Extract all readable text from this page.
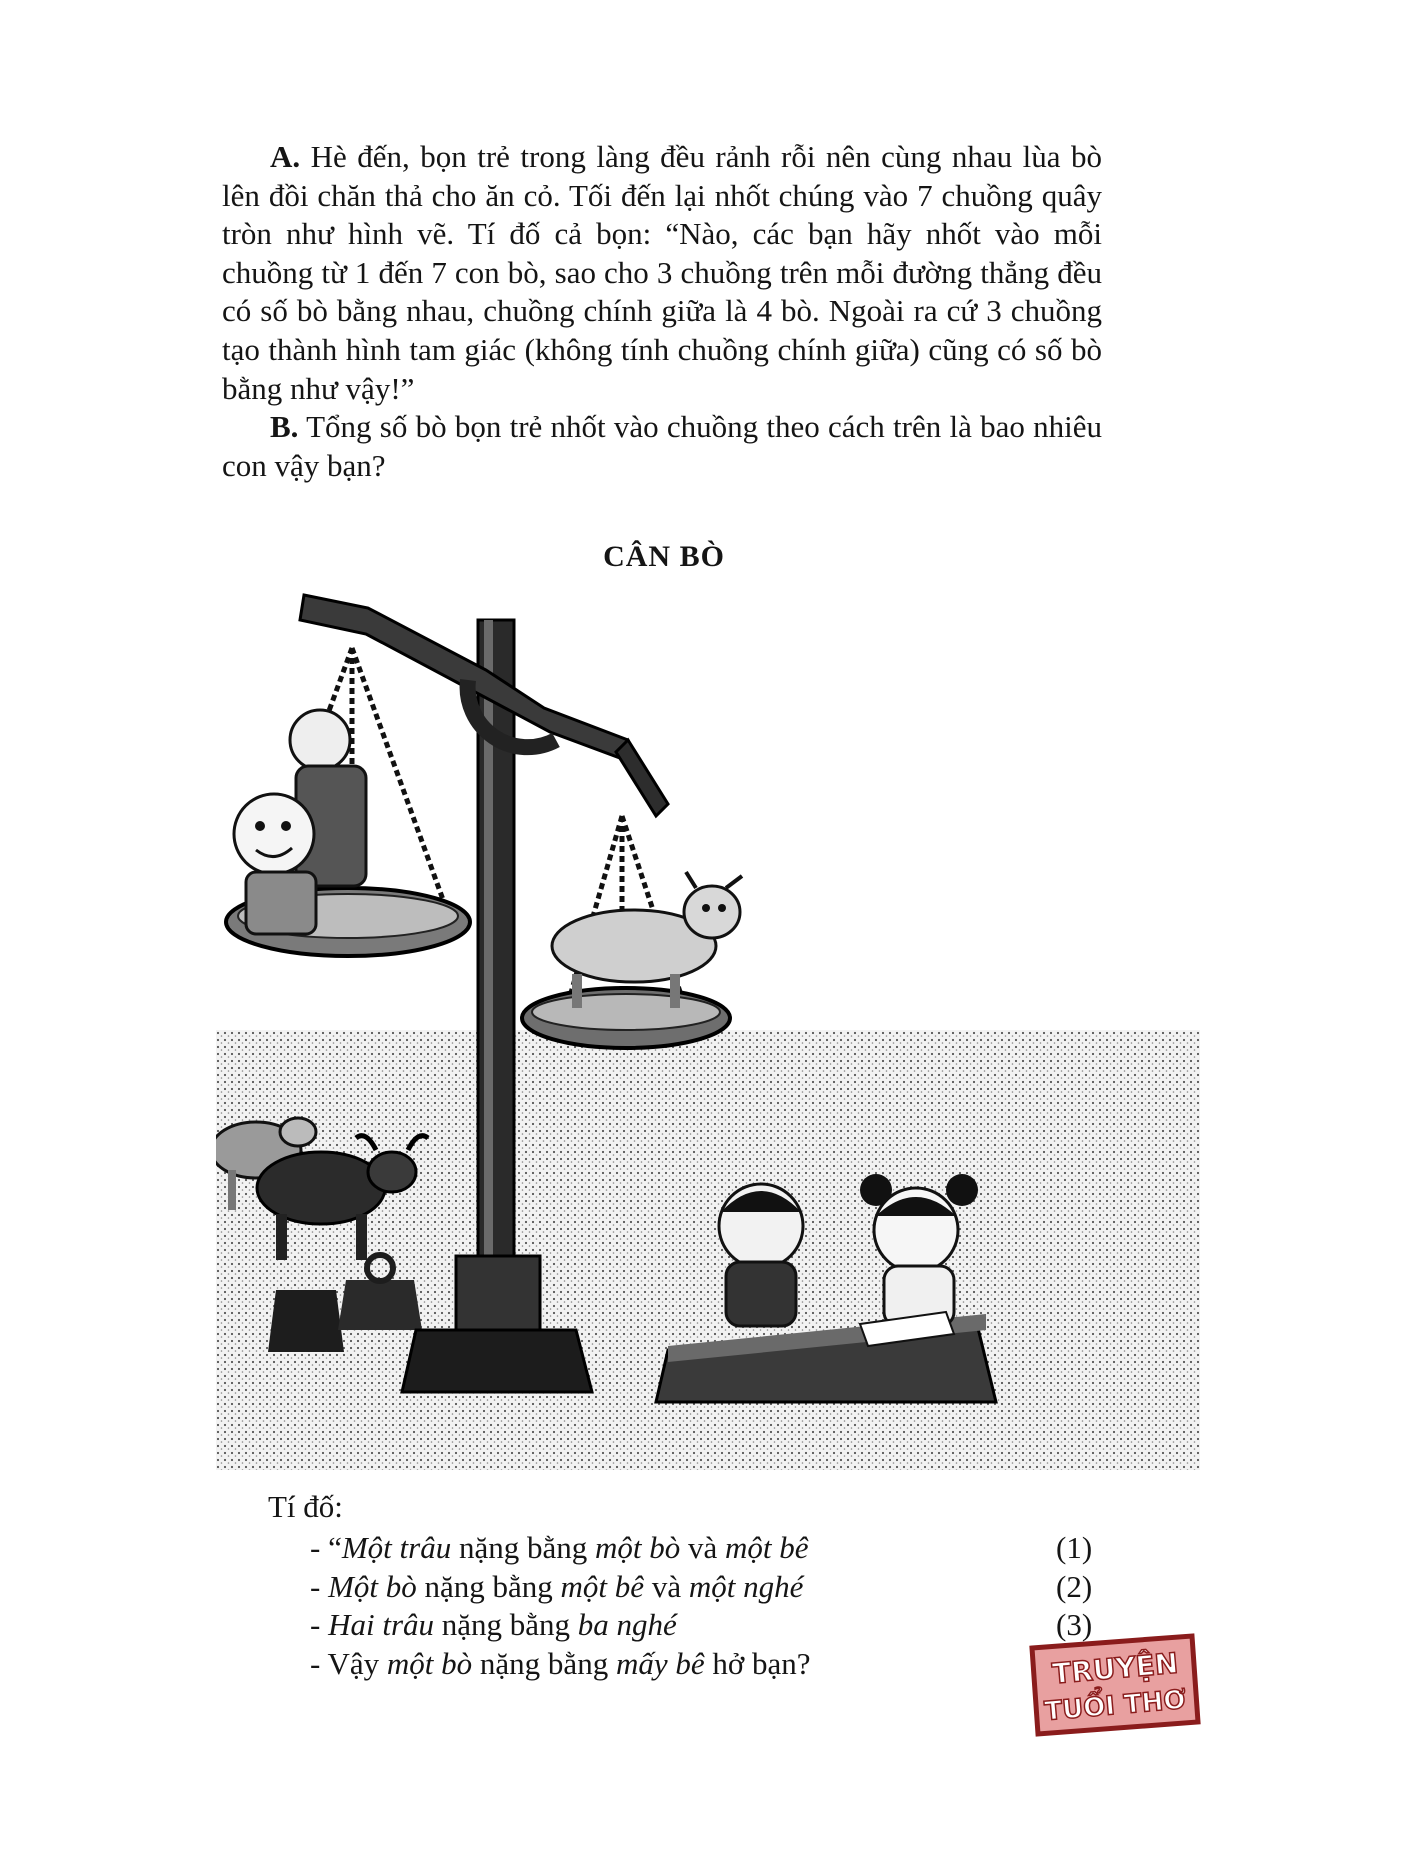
A. Hè đến, bọn trẻ trong làng đều rảnh rỗi nên cùng nhau lùa bò lên đồi chăn thả cho ăn cỏ. Tối đến lại nhốt chúng vào 7 chuồng quây tròn như hình vẽ. Tí đố cả bọn: “Nào, các bạn hãy nhốt vào mỗi chuồng từ 1 đến 7 con bò, sao cho 3 chuồng trên mỗi đường thẳng đều có số bò bằng nhau, chuồng chính giữa là 4 bò. Ngoài ra cứ 3 chuồng tạo thành hình tam giác (không tính chuồng chính giữa) cũng có số bò bằng như vậy!”

B. Tổng số bò bọn trẻ nhốt vào chuồng theo cách trên là bao nhiêu con vậy bạn?

CÂN BÒ

Tí đố:

- “Một trâu nặng bằng một bò và một bê	(1)
- Một bò nặng bằng một bê và một nghé	(2)
- Hai trâu nặng bằng ba nghé	(3)
- Vậy một bò nặng bằng mấy bê hở bạn?	TRUYỆN
TUỔI THƠ
